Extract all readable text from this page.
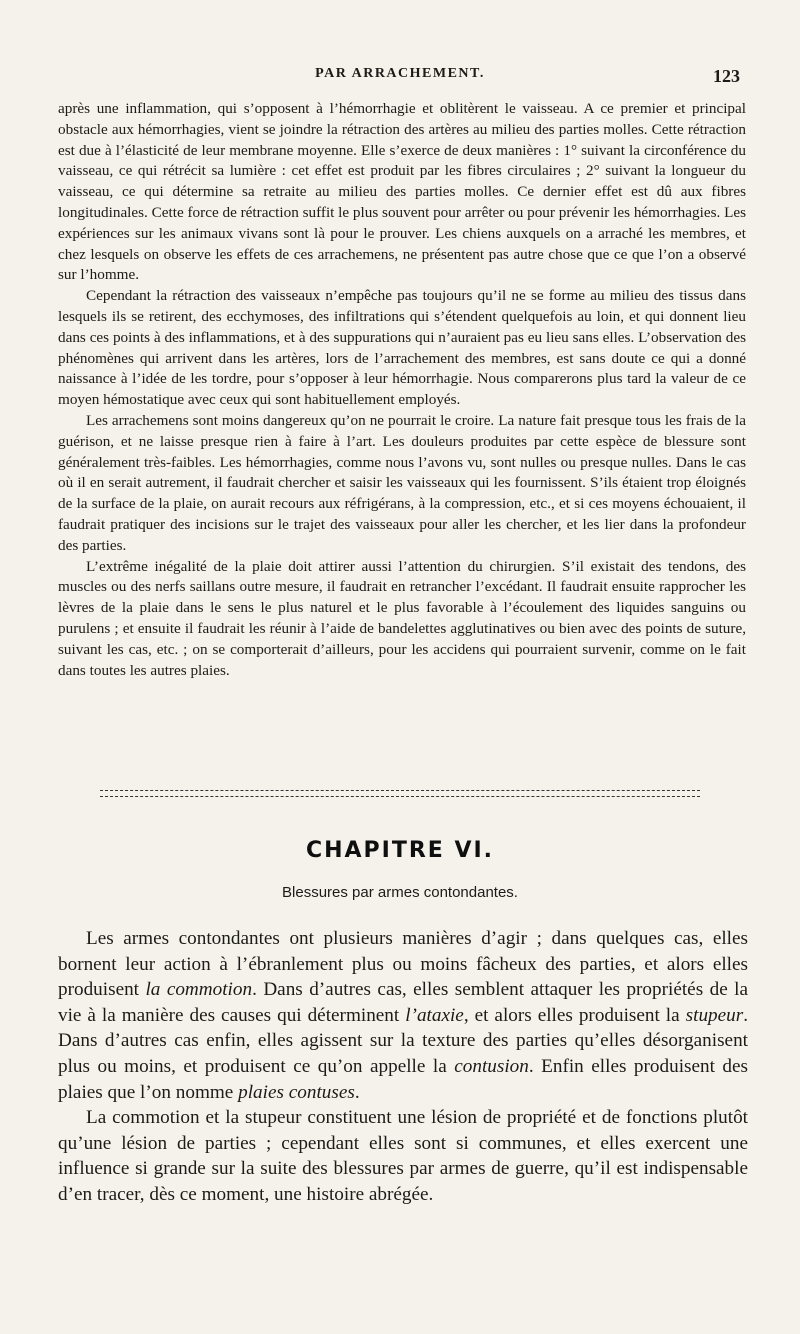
PAR ARRACHEMENT.	123

après une inflammation, qui s’opposent à l’hémorrhagie et oblitèrent le vaisseau. A ce premier et principal obstacle aux hémorrhagies, vient se joindre la rétraction des artères au milieu des parties molles. Cette rétraction est due à l’élasticité de leur membrane moyenne. Elle s’exerce de deux manières : 1° suivant la circonférence du vaisseau, ce qui rétrécit sa lumière : cet effet est produit par les fibres circulaires ; 2° suivant la longueur du vaisseau, ce qui détermine sa retraite au milieu des parties molles. Ce dernier effet est dû aux fibres longitudinales. Cette force de rétraction suffit le plus souvent pour arrêter ou pour prévenir les hémorrhagies. Les expériences sur les animaux vivans sont là pour le prouver. Les chiens auxquels on a arraché les membres, et chez lesquels on observe les effets de ces arrachemens, ne présentent pas autre chose que ce que l’on a observé sur l’homme.

Cependant la rétraction des vaisseaux n’empêche pas toujours qu’il ne se forme au milieu des tissus dans lesquels ils se retirent, des ecchymoses, des infiltrations qui s’étendent quelquefois au loin, et qui donnent lieu dans ces points à des inflammations, et à des suppurations qui n’auraient pas eu lieu sans elles. L’observation des phénomènes qui arrivent dans les artères, lors de l’arrachement des membres, est sans doute ce qui a donné naissance à l’idée de les tordre, pour s’opposer à leur hémorrhagie. Nous comparerons plus tard la valeur de ce moyen hémostatique avec ceux qui sont habituellement employés.

Les arrachemens sont moins dangereux qu’on ne pourrait le croire. La nature fait presque tous les frais de la guérison, et ne laisse presque rien à faire à l’art. Les douleurs produites par cette espèce de blessure sont généralement très-faibles. Les hémorrhagies, comme nous l’avons vu, sont nulles ou presque nulles. Dans le cas où il en serait autrement, il faudrait chercher et saisir les vaisseaux qui les fournissent. S’ils étaient trop éloignés de la surface de la plaie, on aurait recours aux réfrigérans, à la compression, etc., et si ces moyens échouaient, il faudrait pratiquer des incisions sur le trajet des vaisseaux pour aller les chercher, et les lier dans la profondeur des parties.

L’extrême inégalité de la plaie doit attirer aussi l’attention du chirurgien. S’il existait des tendons, des muscles ou des nerfs saillans outre mesure, il faudrait en retrancher l’excédant. Il faudrait ensuite rapprocher les lèvres de la plaie dans le sens le plus naturel et le plus favorable à l’écoulement des liquides sanguins ou purulens ; et ensuite il faudrait les réunir à l’aide de bandelettes agglutinatives ou bien avec des points de suture, suivant les cas, etc. ; on se comporterait d’ailleurs, pour les accidens qui pourraient survenir, comme on le fait dans toutes les autres plaies.

CHAPITRE VI.
Blessures par armes contondantes.

Les armes contondantes ont plusieurs manières d’agir ; dans quelques cas, elles bornent leur action à l’ébranlement plus ou moins fâcheux des parties, et alors elles produisent la commotion. Dans d’autres cas, elles semblent attaquer les propriétés de la vie à la manière des causes qui déterminent l’ataxie, et alors elles produisent la stupeur. Dans d’autres cas enfin, elles agissent sur la texture des parties qu’elles désorganisent plus ou moins, et produisent ce qu’on appelle la contusion. Enfin elles produisent des plaies que l’on nomme plaies contuses.

La commotion et la stupeur constituent une lésion de propriété et de fonctions plutôt qu’une lésion de parties ; cependant elles sont si communes, et elles exercent une influence si grande sur la suite des blessures par armes de guerre, qu’il est indispensable d’en tracer, dès ce moment, une histoire abrégée.
